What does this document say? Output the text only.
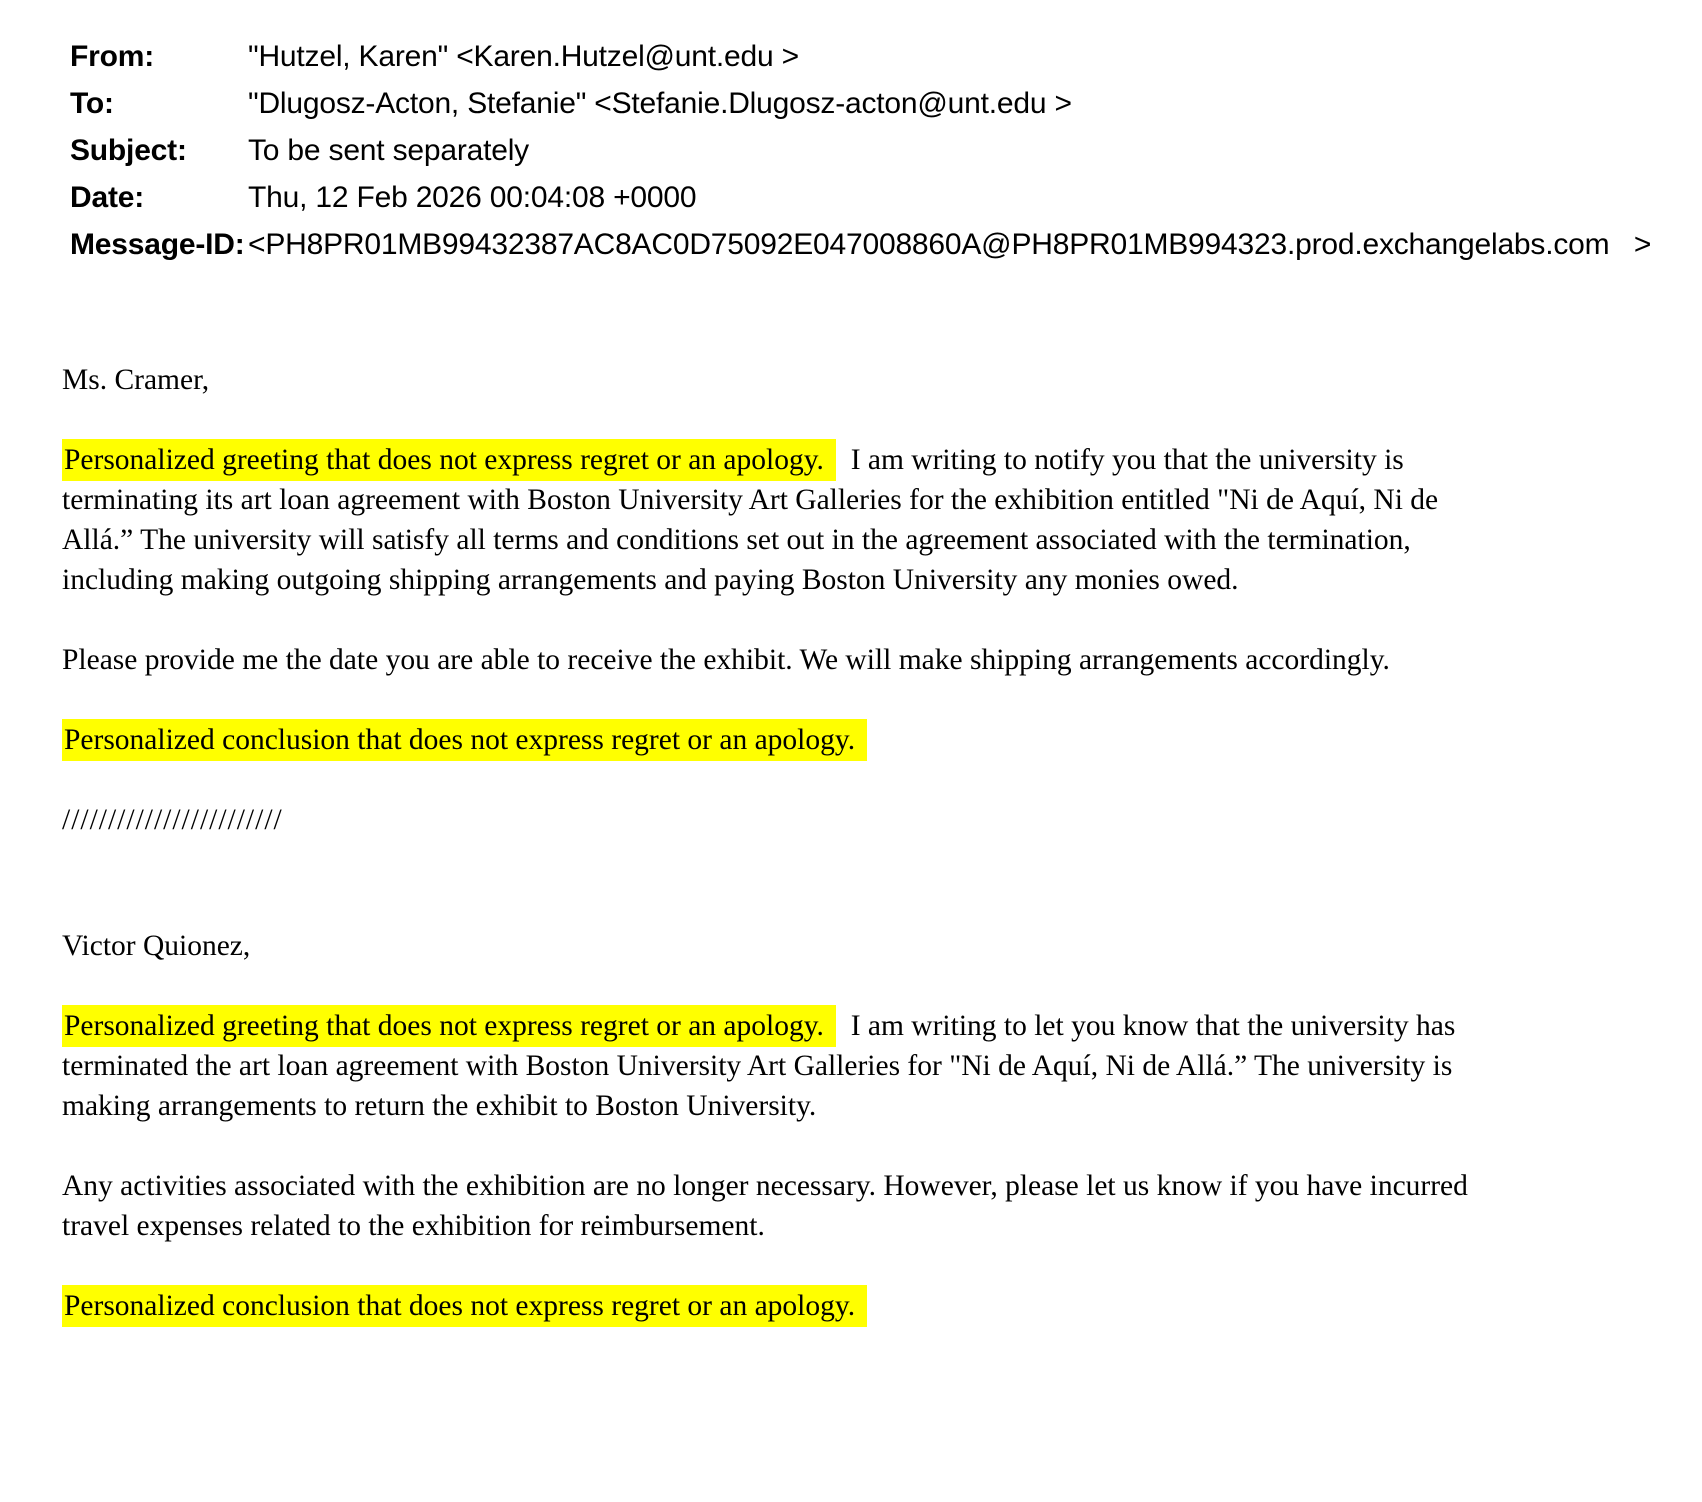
From:	"Hutzel, Karen" <Karen.Hutzel@unt.edu >
To:	"Dlugosz-Acton, Stefanie" <Stefanie.Dlugosz-acton@unt.edu >
Subject:	To be sent separately
Date:	Thu, 12 Feb 2026 00:04:08 +0000
Message-ID: <PH8PR01MB99432387AC8AC0D75092E047008860A@PH8PR01MB994323.prod.exchangelabs.com   >

Ms. Cramer,

Personalized greeting that does not express regret or an apology.  I am writing to notify you that the university is terminating its art loan agreement with Boston University Art Galleries for the exhibition entitled "Ni de Aquí, Ni de Allá.” The university will satisfy all terms and conditions set out in the agreement associated with the termination, including making outgoing shipping arrangements and paying Boston University any monies owed.

Please provide me the date you are able to receive the exhibit. We will make shipping arrangements accordingly.

Personalized conclusion that does not express regret or an apology.

////////////////////////

Victor Quionez,

Personalized greeting that does not express regret or an apology.  I am writing to let you know that the university has terminated the art loan agreement with Boston University Art Galleries for "Ni de Aquí, Ni de Allá.” The university is making arrangements to return the exhibit to Boston University.

Any activities associated with the exhibition are no longer necessary. However, please let us know if you have incurred travel expenses related to the exhibition for reimbursement.

Personalized conclusion that does not express regret or an apology.
